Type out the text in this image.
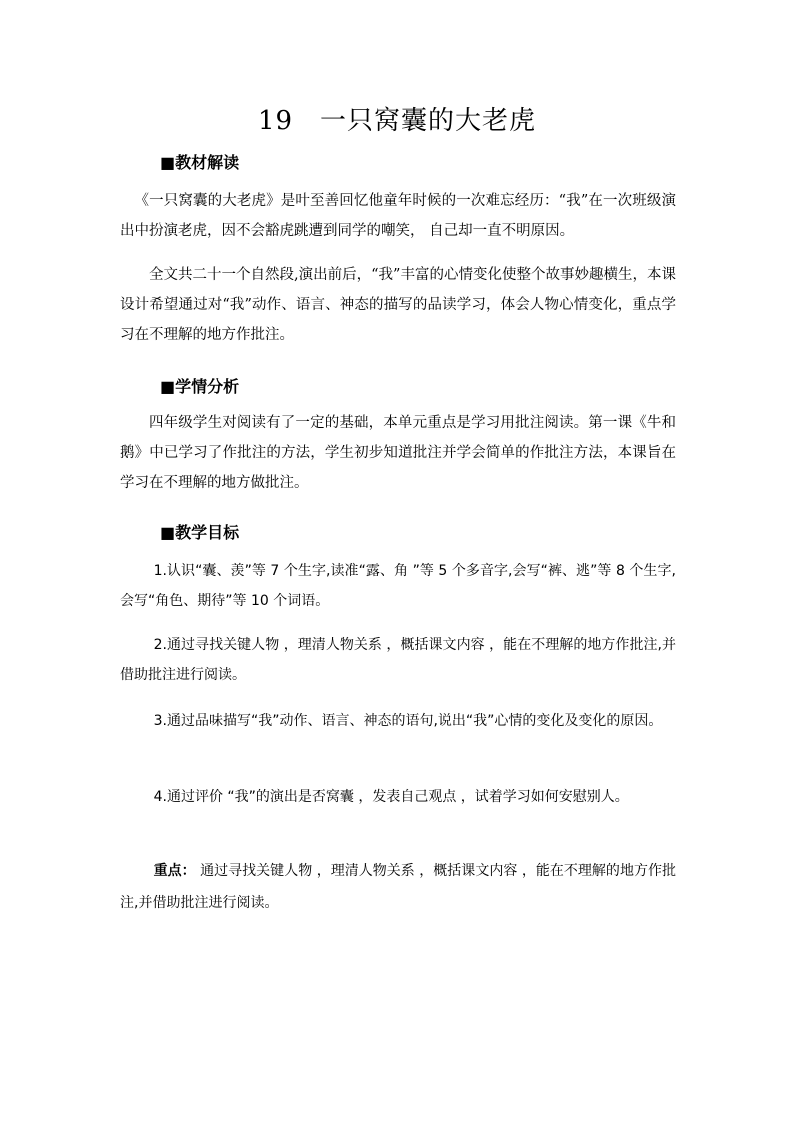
19　一只窝囊的大老虎
■教材解读
《一只窝囊的大老虎》是叶至善回忆他童年时候的一次难忘经历：“我”在一次班级演出中扮演老虎，因不会豁虎跳遭到同学的嘲笑， 自己却一直不明原因。
全文共二十一个自然段,演出前后，“我”丰富的心情变化使整个故事妙趣横生，本课设计希望通过对“我”动作、语言、神态的描写的品读学习，体会人物心情变化，重点学习在不理解的地方作批注。
■学情分析
四年级学生对阅读有了一定的基础，本单元重点是学习用批注阅读。第一课《牛和鹅》中已学习了作批注的方法，学生初步知道批注并学会简单的作批注方法，本课旨在学习在不理解的地方做批注。
■教学目标
1.认识“囊、羡”等 7 个生字,读准“露、角 ”等 5 个多音字,会写“裤、逃”等 8 个生字,会写“角色、期待”等 10 个词语。
2.通过寻找关键人物 ，理清人物关系 ，概括课文内容 ，能在不理解的地方作批注,并借助批注进行阅读。
3.通过品味描写“我”动作、语言、神态的语句,说出“我”心情的变化及变化的原因。
4.通过评价 “我”的演出是否窝囊 ，发表自己观点 ，试着学习如何安慰别人。
重点： 通过寻找关键人物 ，理清人物关系 ，概括课文内容 ，能在不理解的地方作批注,并借助批注进行阅读。
